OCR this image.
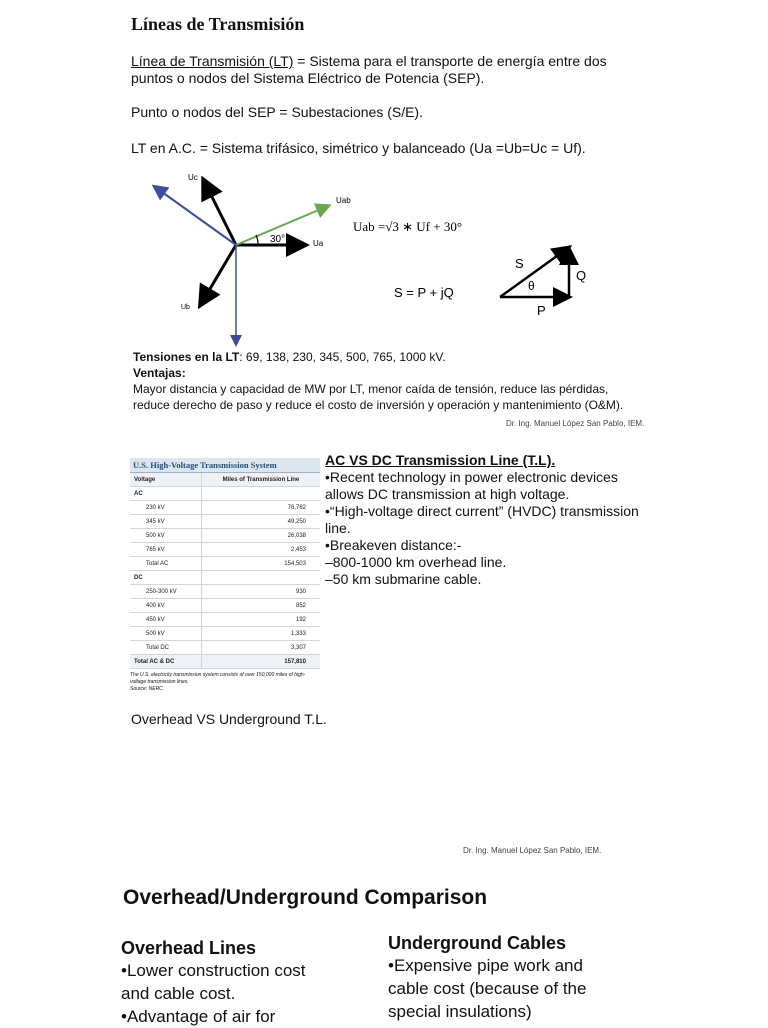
Líneas de Transmisión
Línea de Transmisión (LT) = Sistema para el transporte de energía entre dos
puntos o nodos del Sistema Eléctrico de Potencia (SEP).
Punto o nodos del SEP = Subestaciones (S/E).
LT en A.C. = Sistema trifásico, simétrico y balanceado (Ua =Ub=Uc = Uf).
Uc
Uab
Ua
Ub
30°
Uab =√3 ∗ Uf + 30°
S = P + jQ
S
Q
P
θ
Tensiones en la LT: 69, 138, 230, 345, 500, 765, 1000 kV.
Ventajas:
Mayor distancia y capacidad de MW por LT, menor caída de tensión, reduce las pérdidas,
reduce derecho de paso y reduce el costo de inversión y operación y mantenimiento (O&M).
Dr. Ing. Manuel López San Pablo, IEM.
U.S. High-Voltage Transmission System
Voltage	Miles of Transmission Line
AC	
230 kV	76,762
345 kV	49,250
500 kV	26,038
765 kV	2,453
Total AC	154,503
DC	
250-300 kV	930
400 kV	852
450 kV	192
500 kV	1,333
Total DC	3,307
Total AC & DC	157,810
The U.S. electricity transmission system consists of over 150,000 miles of high-
voltage transmission lines.
Source: NERC.
AC VS DC Transmission Line (T.L).
•Recent technology in power electronic devices
allows DC transmission at high voltage.
•“High-voltage direct current” (HVDC) transmission
line.
•Breakeven distance:-
–800-1000 km overhead line.
–50 km submarine cable.
Overhead VS Underground T.L.
Dr. Ing. Manuel López San Pablo, IEM.
Overhead/Underground Comparison
Overhead Lines
•Lower construction cost
and cable cost.
•Advantage of air for
Underground Cables
•Expensive pipe work and
cable cost (because of the
special insulations)
